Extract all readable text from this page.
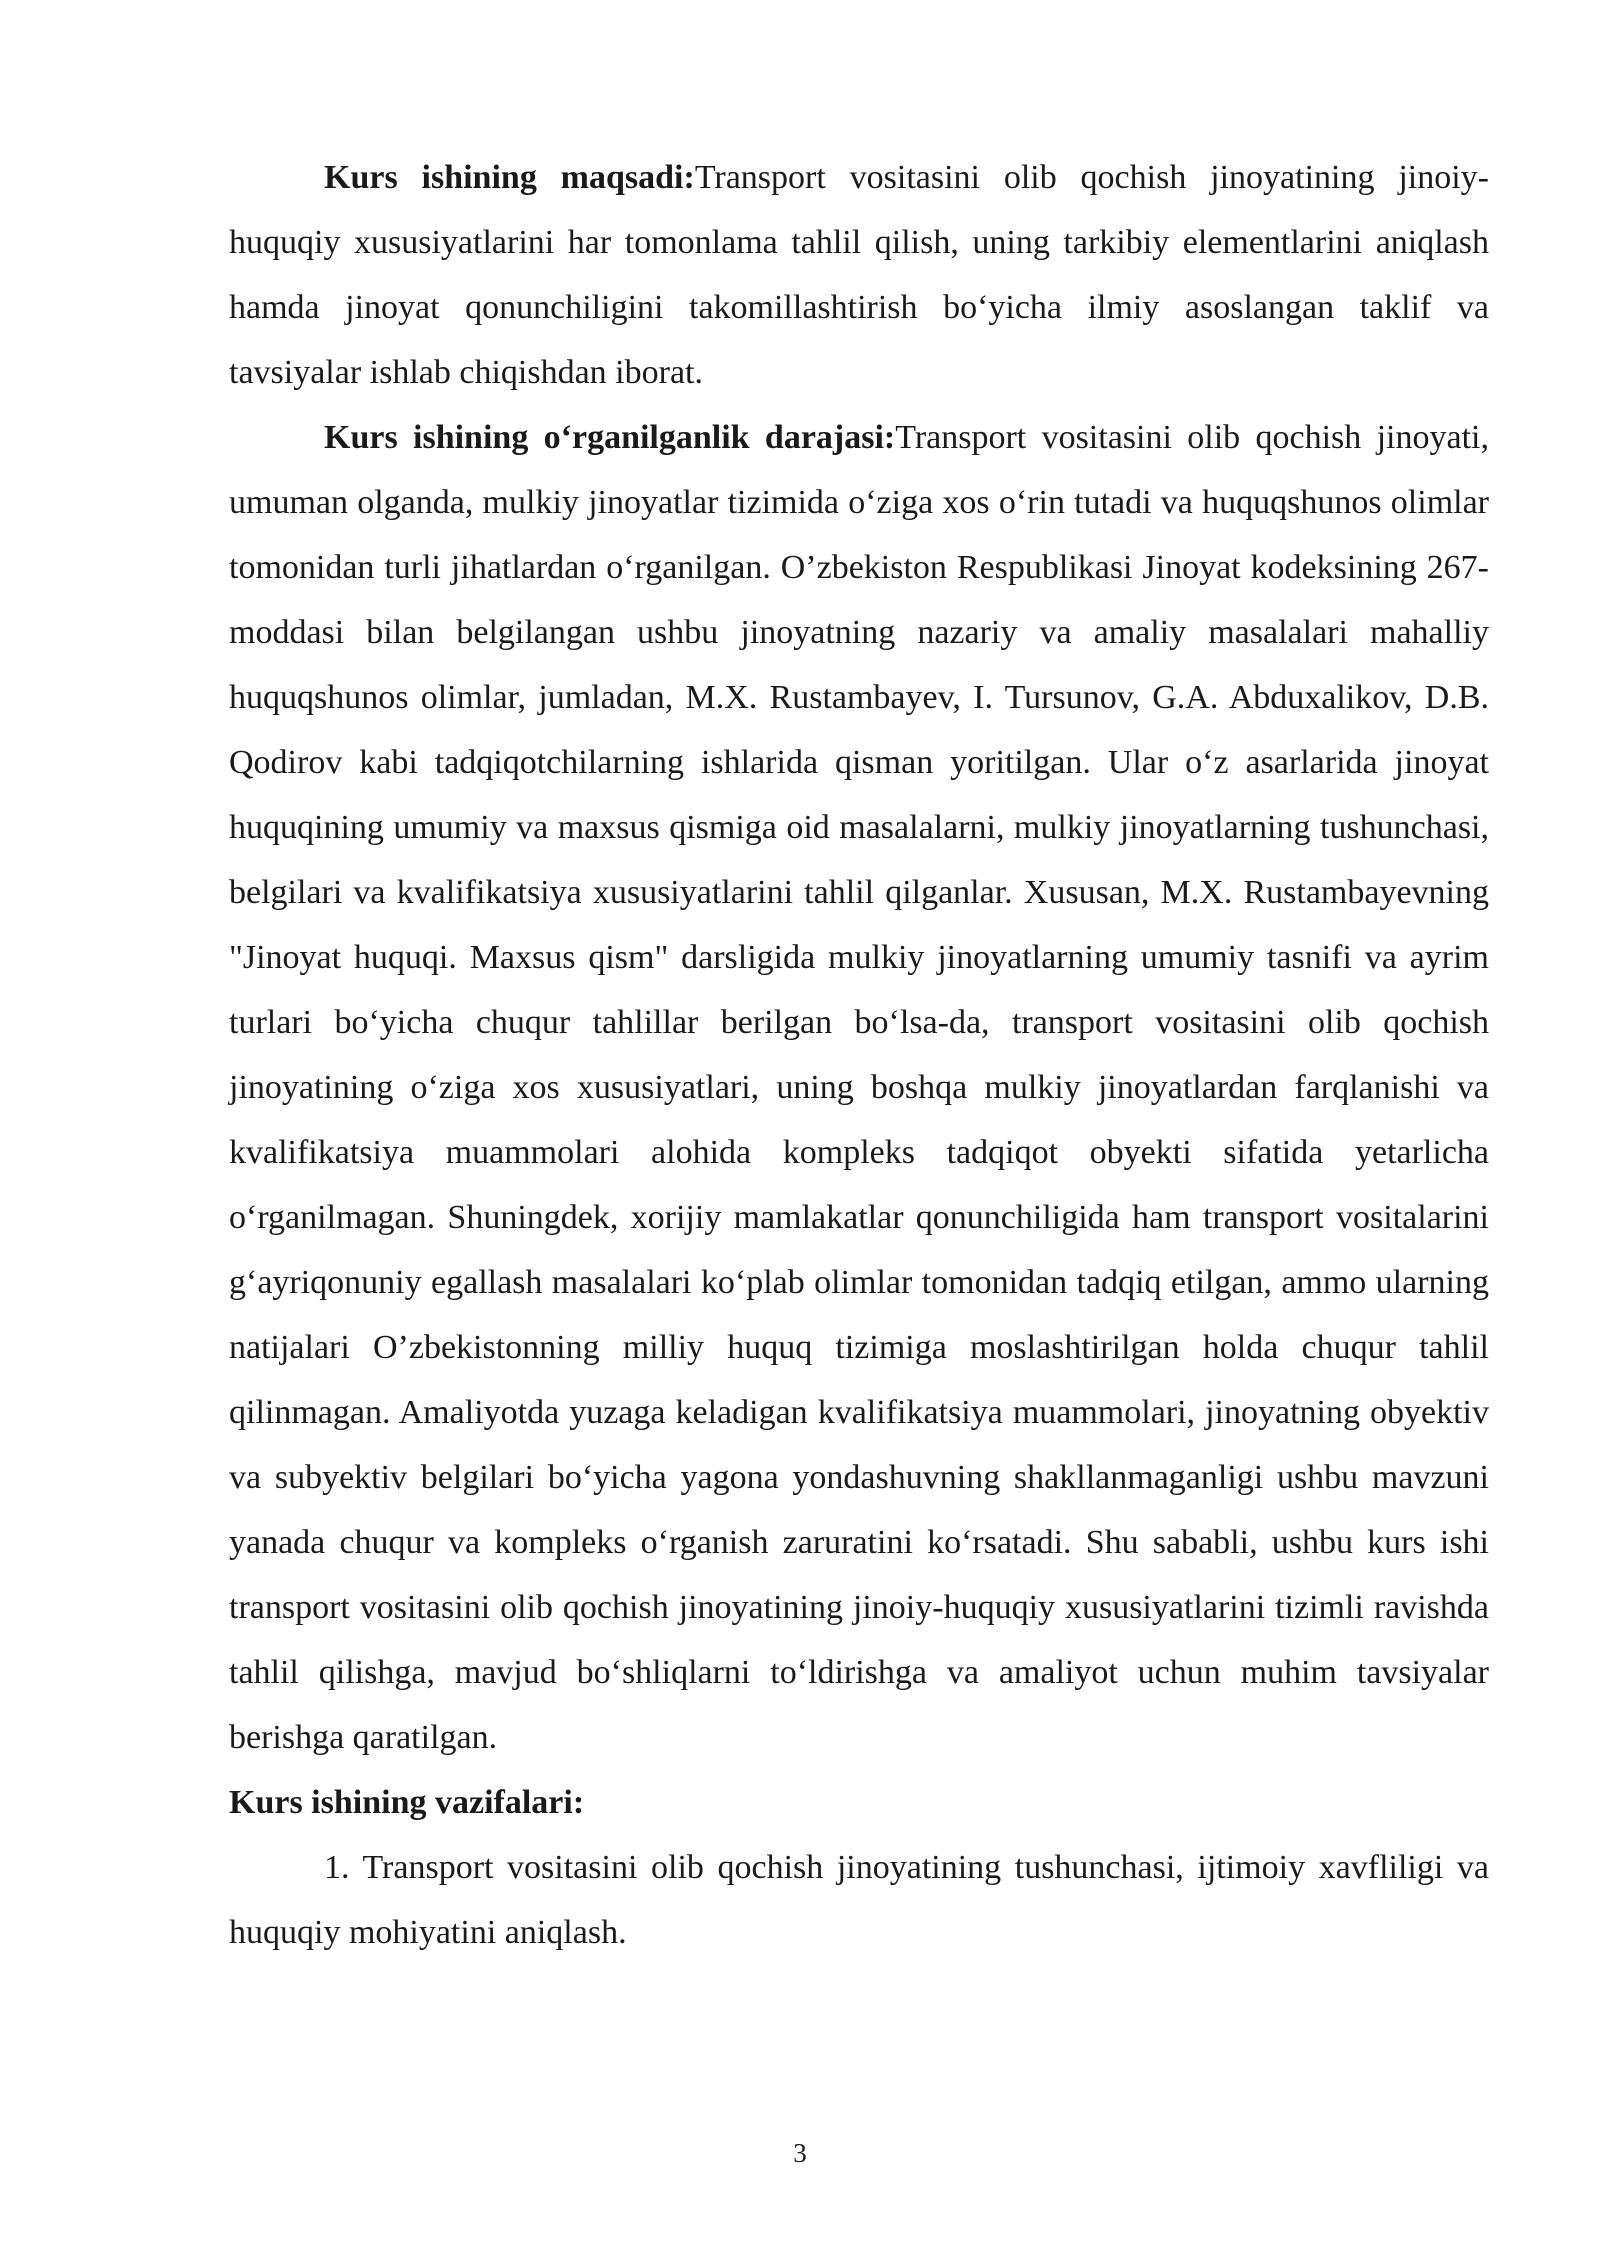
Kurs ishining maqsadi:Transport vositasini olib qochish jinoyatining jinoiy-huquqiy xususiyatlarini har tomonlama tahlil qilish, uning tarkibiy elementlarini aniqlash hamda jinoyat qonunchiligini takomillashtirish bo‘yicha ilmiy asoslangan taklif va tavsiyalar ishlab chiqishdan iborat.

Kurs ishining o‘rganilganlik darajasi:Transport vositasini olib qochish jinoyati, umuman olganda, mulkiy jinoyatlar tizimida o‘ziga xos o‘rin tutadi va huquqshunos olimlar tomonidan turli jihatlardan o‘rganilgan. O’zbekiston Respublikasi Jinoyat kodeksining 267-moddasi bilan belgilangan ushbu jinoyatning nazariy va amaliy masalalari mahalliy huquqshunos olimlar, jumladan, M.X. Rustambayev, I. Tursunov, G.A. Abduxalikov, D.B. Qodirov kabi tadqiqotchilarning ishlarida qisman yoritilgan. Ular o‘z asarlarida jinoyat huquqining umumiy va maxsus qismiga oid masalalarni, mulkiy jinoyatlarning tushunchasi, belgilari va kvalifikatsiya xususiyatlarini tahlil qilganlar. Xususan, M.X. Rustambayevning "Jinoyat huquqi. Maxsus qism" darsligida mulkiy jinoyatlarning umumiy tasnifi va ayrim turlari bo‘yicha chuqur tahlillar berilgan bo‘lsa-da, transport vositasini olib qochish jinoyatining o‘ziga xos xususiyatlari, uning boshqa mulkiy jinoyatlardan farqlanishi va kvalifikatsiya muammolari alohida kompleks tadqiqot obyekti sifatida yetarlicha o‘rganilmagan. Shuningdek, xorijiy mamlakatlar qonunchiligida ham transport vositalarini g‘ayriqonuniy egallash masalalari ko‘plab olimlar tomonidan tadqiq etilgan, ammo ularning natijalari O’zbekistonning milliy huquq tizimiga moslashtirilgan holda chuqur tahlil qilinmagan. Amaliyotda yuzaga keladigan kvalifikatsiya muammolari, jinoyatning obyektiv va subyektiv belgilari bo‘yicha yagona yondashuvning shakllanmaganligi ushbu mavzuni yanada chuqur va kompleks o‘rganish zaruratini ko‘rsatadi. Shu sababli, ushbu kurs ishi transport vositasini olib qochish jinoyatining jinoiy-huquqiy xususiyatlarini tizimli ravishda tahlil qilishga, mavjud bo‘shliqlarni to‘ldirishga va amaliyot uchun muhim tavsiyalar berishga qaratilgan.

Kurs ishining vazifalari:

1. Transport vositasini olib qochish jinoyatining tushunchasi, ijtimoiy xavfliligi va huquqiy mohiyatini aniqlash.

3
